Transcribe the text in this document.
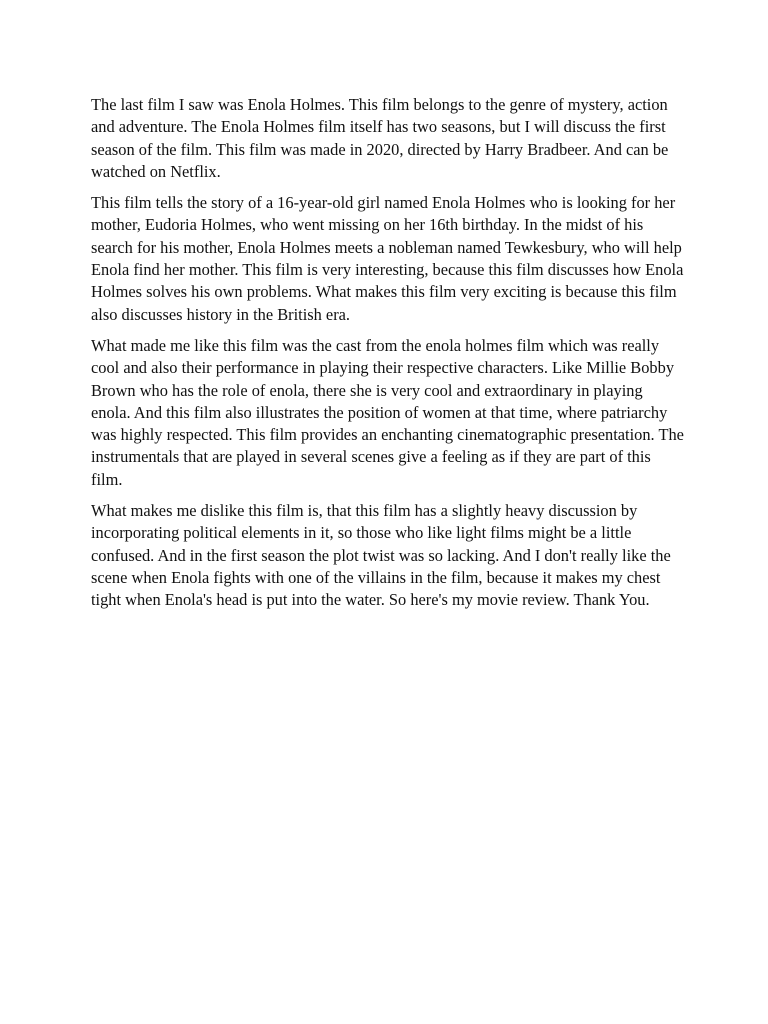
The last film I saw was Enola Holmes. This film belongs to the genre of mystery, action and adventure. The Enola Holmes film itself has two seasons, but I will discuss the first season of the film. This film was made in 2020, directed by Harry Bradbeer. And can be watched on Netflix.

This film tells the story of a 16-year-old girl named Enola Holmes who is looking for her mother, Eudoria Holmes, who went missing on her 16th birthday. In the midst of his search for his mother, Enola Holmes meets a nobleman named Tewkesbury, who will help Enola find her mother. This film is very interesting, because this film discusses how Enola Holmes solves his own problems. What makes this film very exciting is because this film also discusses history in the British era.

What made me like this film was the cast from the enola holmes film which was really cool and also their performance in playing their respective characters. Like Millie Bobby Brown who has the role of enola, there she is very cool and extraordinary in playing enola. And this film also illustrates the position of women at that time, where patriarchy was highly respected. This film provides an enchanting cinematographic presentation. The instrumentals that are played in several scenes give a feeling as if they are part of this film.

What makes me dislike this film is, that this film has a slightly heavy discussion by incorporating political elements in it, so those who like light films might be a little confused. And in the first season the plot twist was so lacking. And I don't really like the scene when Enola fights with one of the villains in the film, because it makes my chest tight when Enola's head is put into the water. So here's my movie review. Thank You.
